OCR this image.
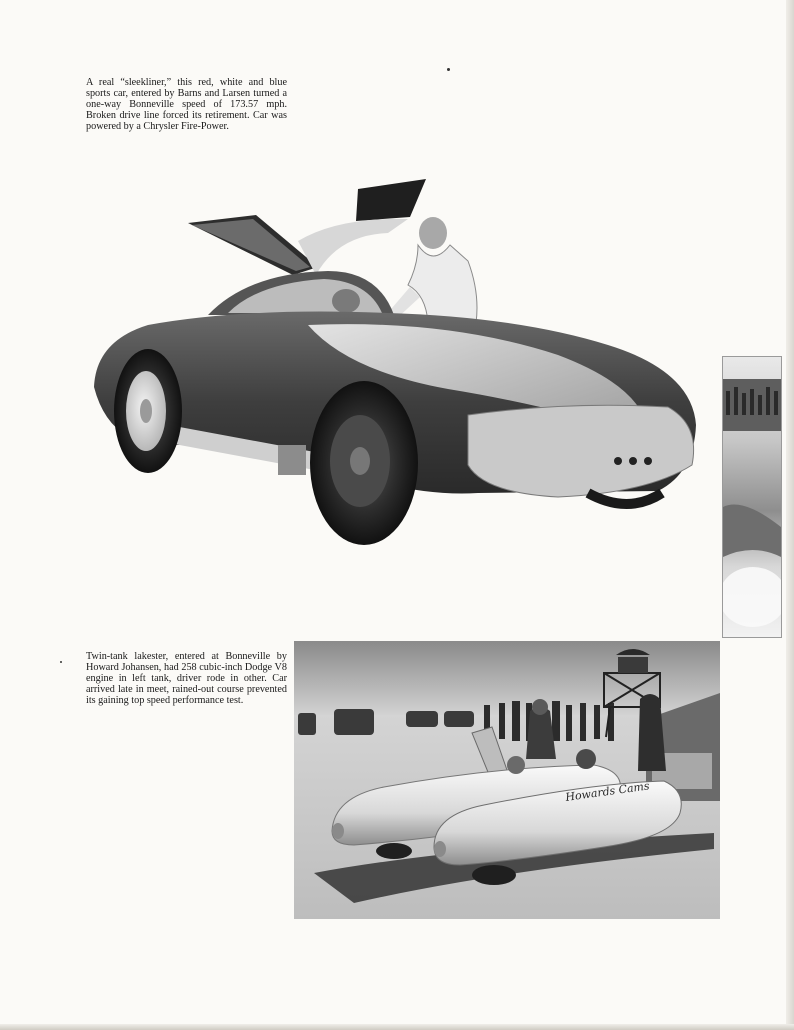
A real “sleekliner,” this red, white and blue sports car, entered by Barns and Larsen turned a one-way Bonneville speed of 173.57 mph. Broken drive line forced its retirement. Car was powered by a Chrysler Fire-Power.

Twin-tank lakester, entered at Bonneville by Howard Johansen, had 258 cubic-inch Dodge V8 engine in left tank, driver rode in other. Car arrived late in meet, rained-out course prevented its gaining top speed performance test.

Howards Cams
